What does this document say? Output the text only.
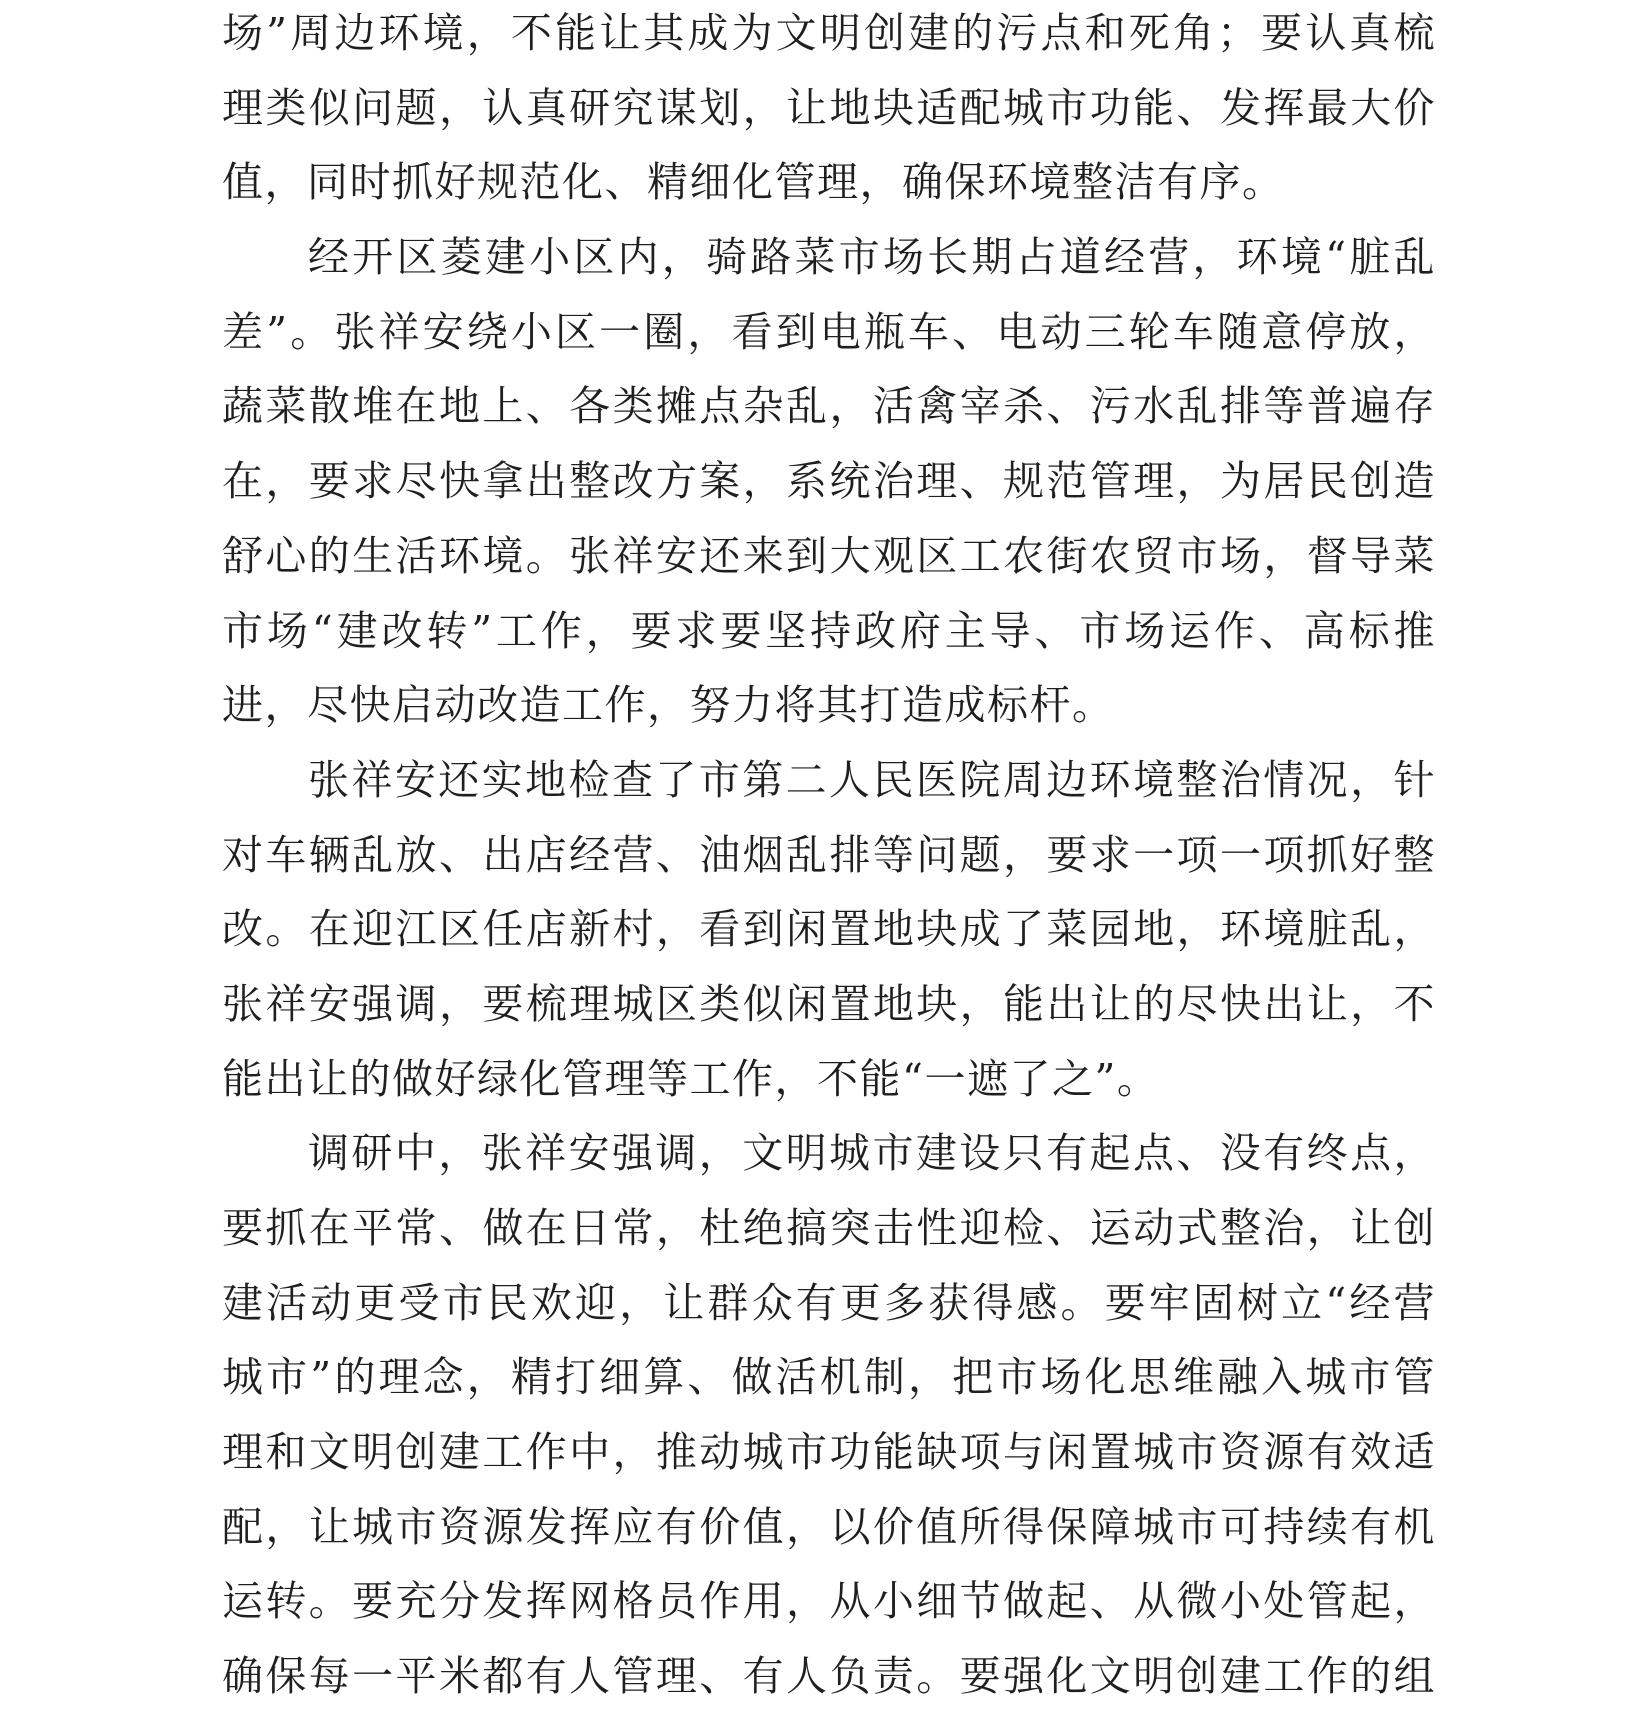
场”周边环境，不能让其成为文明创建的污点和死角；要认真梳
理类似问题，认真研究谋划，让地块适配城市功能、发挥最大价
值，同时抓好规范化、精细化管理，确保环境整洁有序。
经开区菱建小区内，骑路菜市场长期占道经营，环境“脏乱
差”。张祥安绕小区一圈，看到电瓶车、电动三轮车随意停放，
蔬菜散堆在地上、各类摊点杂乱，活禽宰杀、污水乱排等普遍存
在，要求尽快拿出整改方案，系统治理、规范管理，为居民创造
舒心的生活环境。张祥安还来到大观区工农街农贸市场，督导菜
市场“建改转”工作，要求要坚持政府主导、市场运作、高标推
进，尽快启动改造工作，努力将其打造成标杆。
张祥安还实地检查了市第二人民医院周边环境整治情况，针
对车辆乱放、出店经营、油烟乱排等问题，要求一项一项抓好整
改。在迎江区任店新村，看到闲置地块成了菜园地，环境脏乱，
张祥安强调，要梳理城区类似闲置地块，能出让的尽快出让，不
能出让的做好绿化管理等工作，不能“一遮了之”。
调研中，张祥安强调，文明城市建设只有起点、没有终点，
要抓在平常、做在日常，杜绝搞突击性迎检、运动式整治，让创
建活动更受市民欢迎，让群众有更多获得感。要牢固树立“经营
城市”的理念，精打细算、做活机制，把市场化思维融入城市管
理和文明创建工作中，推动城市功能缺项与闲置城市资源有效适
配，让城市资源发挥应有价值，以价值所得保障城市可持续有机
运转。要充分发挥网格员作用，从小细节做起、从微小处管起，
确保每一平米都有人管理、有人负责。要强化文明创建工作的组
